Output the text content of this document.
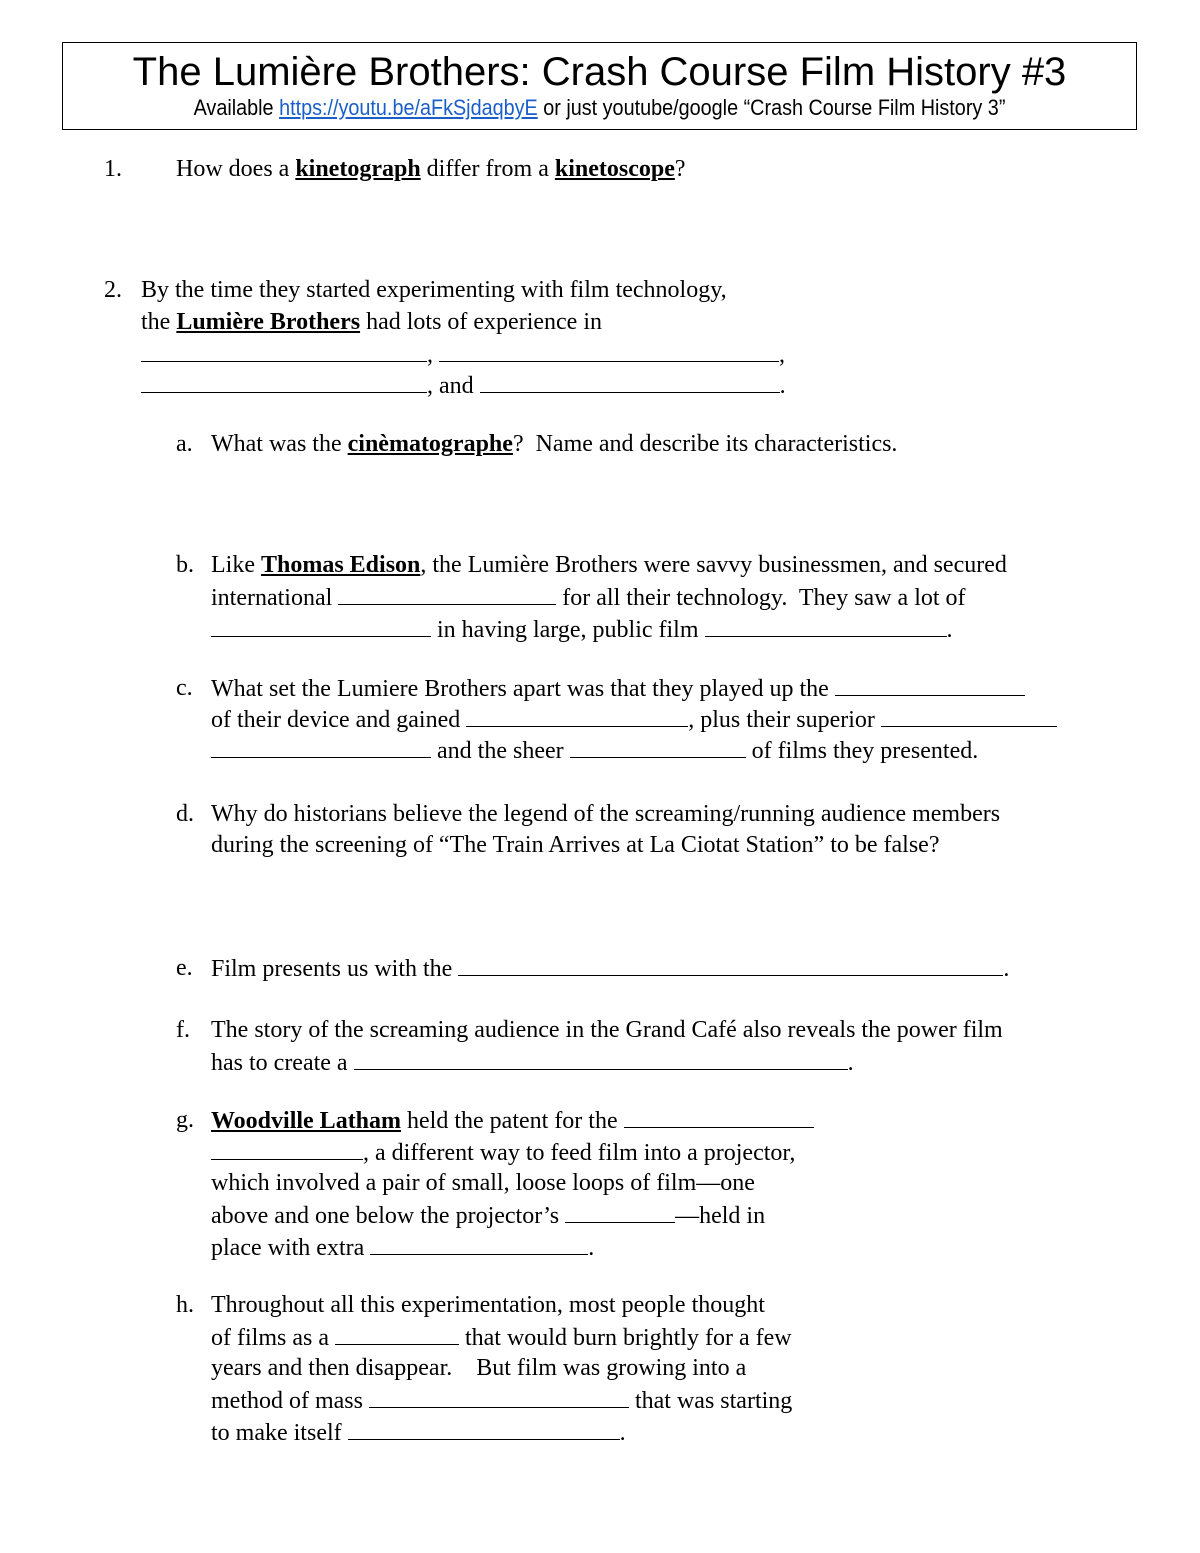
The Lumière Brothers: Crash Course Film History #3
Available https://youtu.be/aFkSjdaqbyE or just youtube/google “Crash Course Film History 3”
1. How does a kinetograph differ from a kinetoscope?
2. By the time they started experimenting with film technology,
the Lumière Brothers had lots of experience in
,	,
, and	.
a. What was the cinèmatographe?  Name and describe its characteristics.
b. Like Thomas Edison, the Lumière Brothers were savvy businessmen, and secured
international	for all their technology.  They saw a lot of
in having large, public film	.
c. What set the Lumiere Brothers apart was that they played up the
of their device and gained	, plus their superior
and the sheer	of films they presented.
d. Why do historians believe the legend of the screaming/running audience members
during the screening of “The Train Arrives at La Ciotat Station” to be false?
e. Film presents us with the	.
f. The story of the screaming audience in the Grand Café also reveals the power film
has to create a	.
g. Woodville Latham held the patent for the
, a different way to feed film into a projector,
which involved a pair of small, loose loops of film—one
above and one below the projector’s	—held in
place with extra	.
h. Throughout all this experimentation, most people thought
of films as a	that would burn brightly for a few
years and then disappear.    But film was growing into a
method of mass	that was starting
to make itself	.
